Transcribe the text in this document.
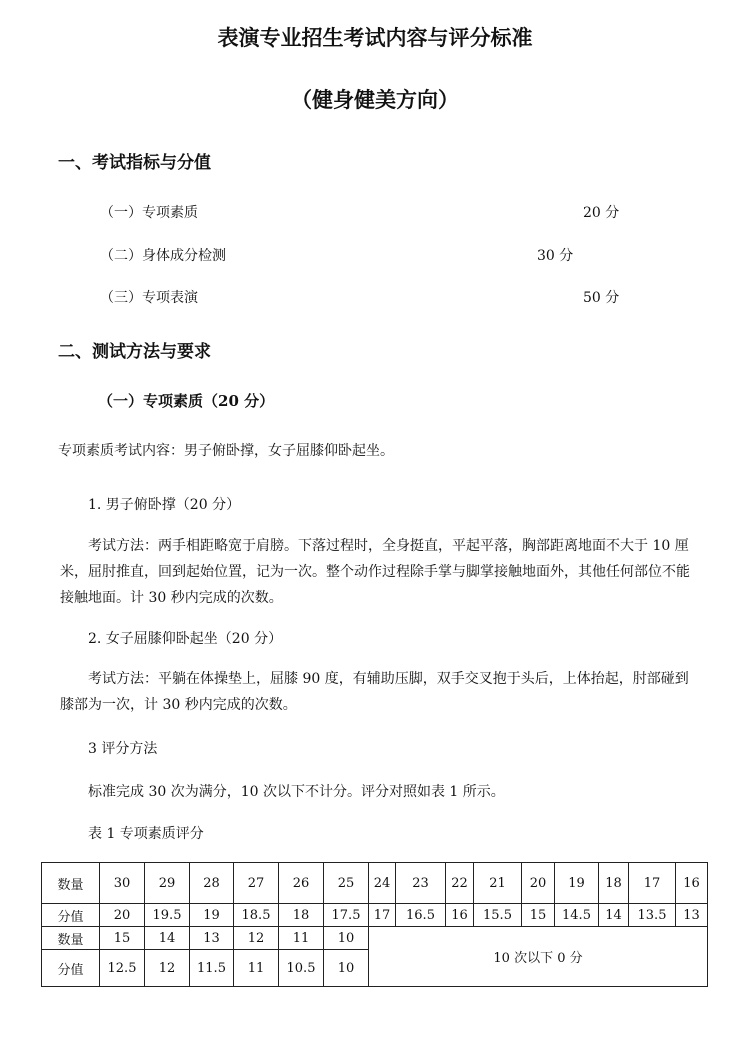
表演专业招生考试内容与评分标准
（健身健美方向）
一、考试指标与分值
（一）专项素质	20 分
（二）身体成分检测	30 分
（三）专项表演	50 分
二、测试方法与要求
（一）专项素质（20 分）
专项素质考试内容：男子俯卧撑，女子屈膝仰卧起坐。
1. 男子俯卧撑（20 分）
考试方法：两手相距略宽于肩膀。下落过程时，全身挺直，平起平落，胸部距离地面不大于 10 厘米，屈肘推直，回到起始位置，记为一次。整个动作过程除手掌与脚掌接触地面外，其他任何部位不能接触地面。计 30 秒内完成的次数。
2. 女子屈膝仰卧起坐（20 分）
考试方法：平躺在体操垫上，屈膝 90 度，有辅助压脚，双手交叉抱于头后，上体抬起，肘部碰到膝部为一次，计 30 秒内完成的次数。
3 评分方法
标准完成 30 次为满分，10 次以下不计分。评分对照如表 1 所示。
表 1 专项素质评分
数量	30	29	28	27	26	25	24	23	22	21	20	19	18	17	16
分值	20	19.5	19	18.5	18	17.5	17	16.5	16	15.5	15	14.5	14	13.5	13
数量	15	14	13	12	11	10	10 次以下 0 分								
分值	12.5	12	11.5	11	10.5	10									
